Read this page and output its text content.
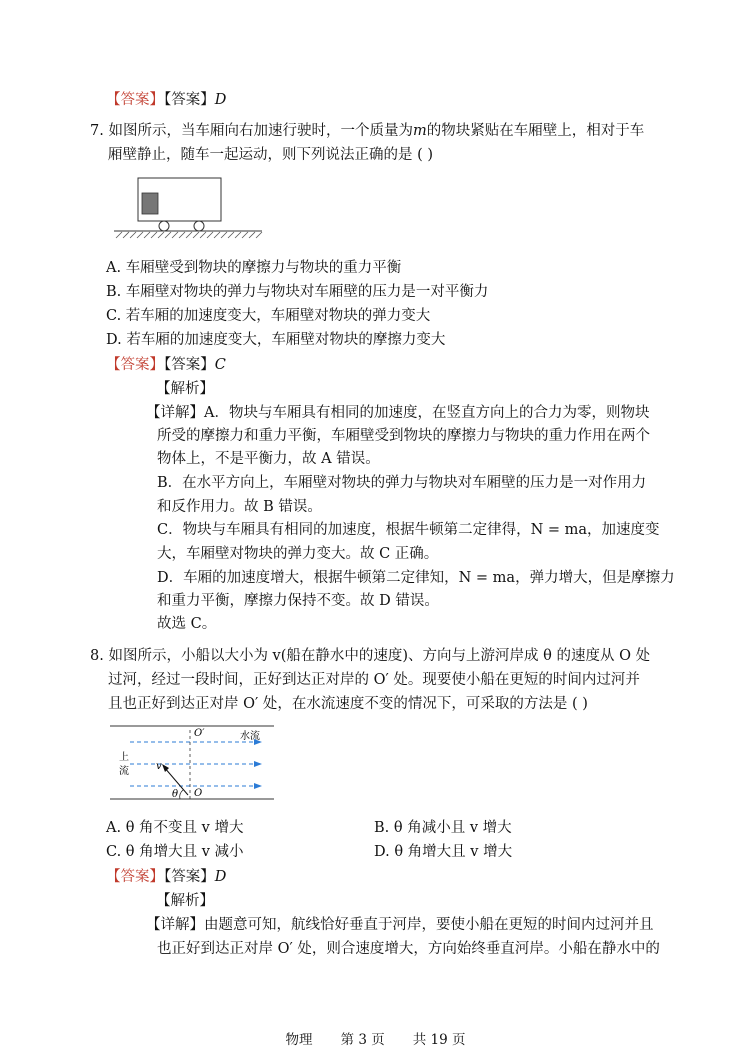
【答案】【答案】D
7. 如图所示，当车厢向右加速行驶时，一个质量为m的物块紧贴在车厢壁上，相对于车
厢壁静止，随车一起运动，则下列说法正确的是 ( )
A. 车厢壁受到物块的摩擦力与物块的重力平衡
B. 车厢壁对物块的弹力与物块对车厢壁的压力是一对平衡力
C. 若车厢的加速度变大，车厢壁对物块的弹力变大
D. 若车厢的加速度变大，车厢壁对物块的摩擦力变大
【答案】【答案】C
【解析】
【详解】A．物块与车厢具有相同的加速度，在竖直方向上的合力为零，则物块
所受的摩擦力和重力平衡，车厢壁受到物块的摩擦力与物块的重力作用在两个
物体上，不是平衡力，故 A 错误。
B．在水平方向上，车厢壁对物块的弹力与物块对车厢壁的压力是一对作用力
和反作用力。故 B 错误。
C．物块与车厢具有相同的加速度，根据牛顿第二定律得，N = ma，加速度变
大，车厢壁对物块的弹力变大。故 C 正确。
D．车厢的加速度增大，根据牛顿第二定律知，N = ma，弹力增大，但是摩擦力
和重力平衡，摩擦力保持不变。故 D 错误。
故选 C。
8. 如图所示，小船以大小为 v(船在静水中的速度)、方向与上游河岸成 θ 的速度从 O 处
过河，经过一段时间，正好到达正对岸的 O′ 处。现要使小船在更短的时间内过河并
且也正好到达正对岸 O′ 处，在水流速度不变的情况下，可采取的方法是 ( )
O′	水流
上
流	v
θ O
A. θ 角不变且 v 增大	B. θ 角减小且 v 增大
C. θ 角增大且 v 减小	D. θ 角增大且 v 增大
【答案】【答案】D
【解析】
【详解】由题意可知，航线恰好垂直于河岸，要使小船在更短的时间内过河并且
也正好到达正对岸 O′ 处，则合速度增大，方向始终垂直河岸。小船在静水中的
物理 第 3 页 共 19 页
